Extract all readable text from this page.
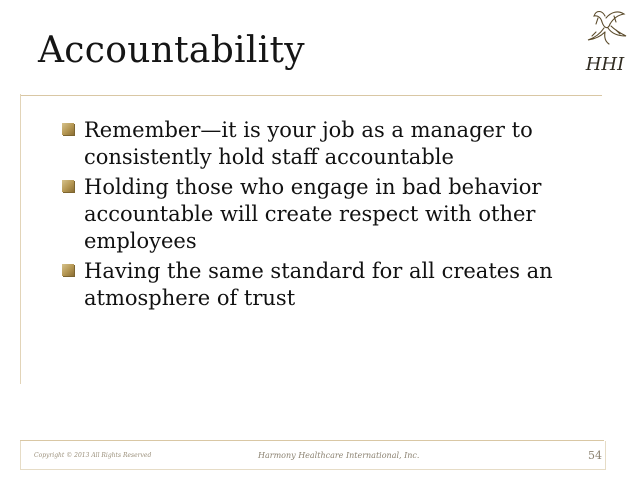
Accountability	HHI
Remember—it is your job as a manager to consistently hold staff accountable
Holding those who engage in bad behavior accountable will create respect with other employees
Having the same standard for all creates an atmosphere of trust
Copyright © 2013 All Rights Reserved	Harmony Healthcare International, Inc.	54
